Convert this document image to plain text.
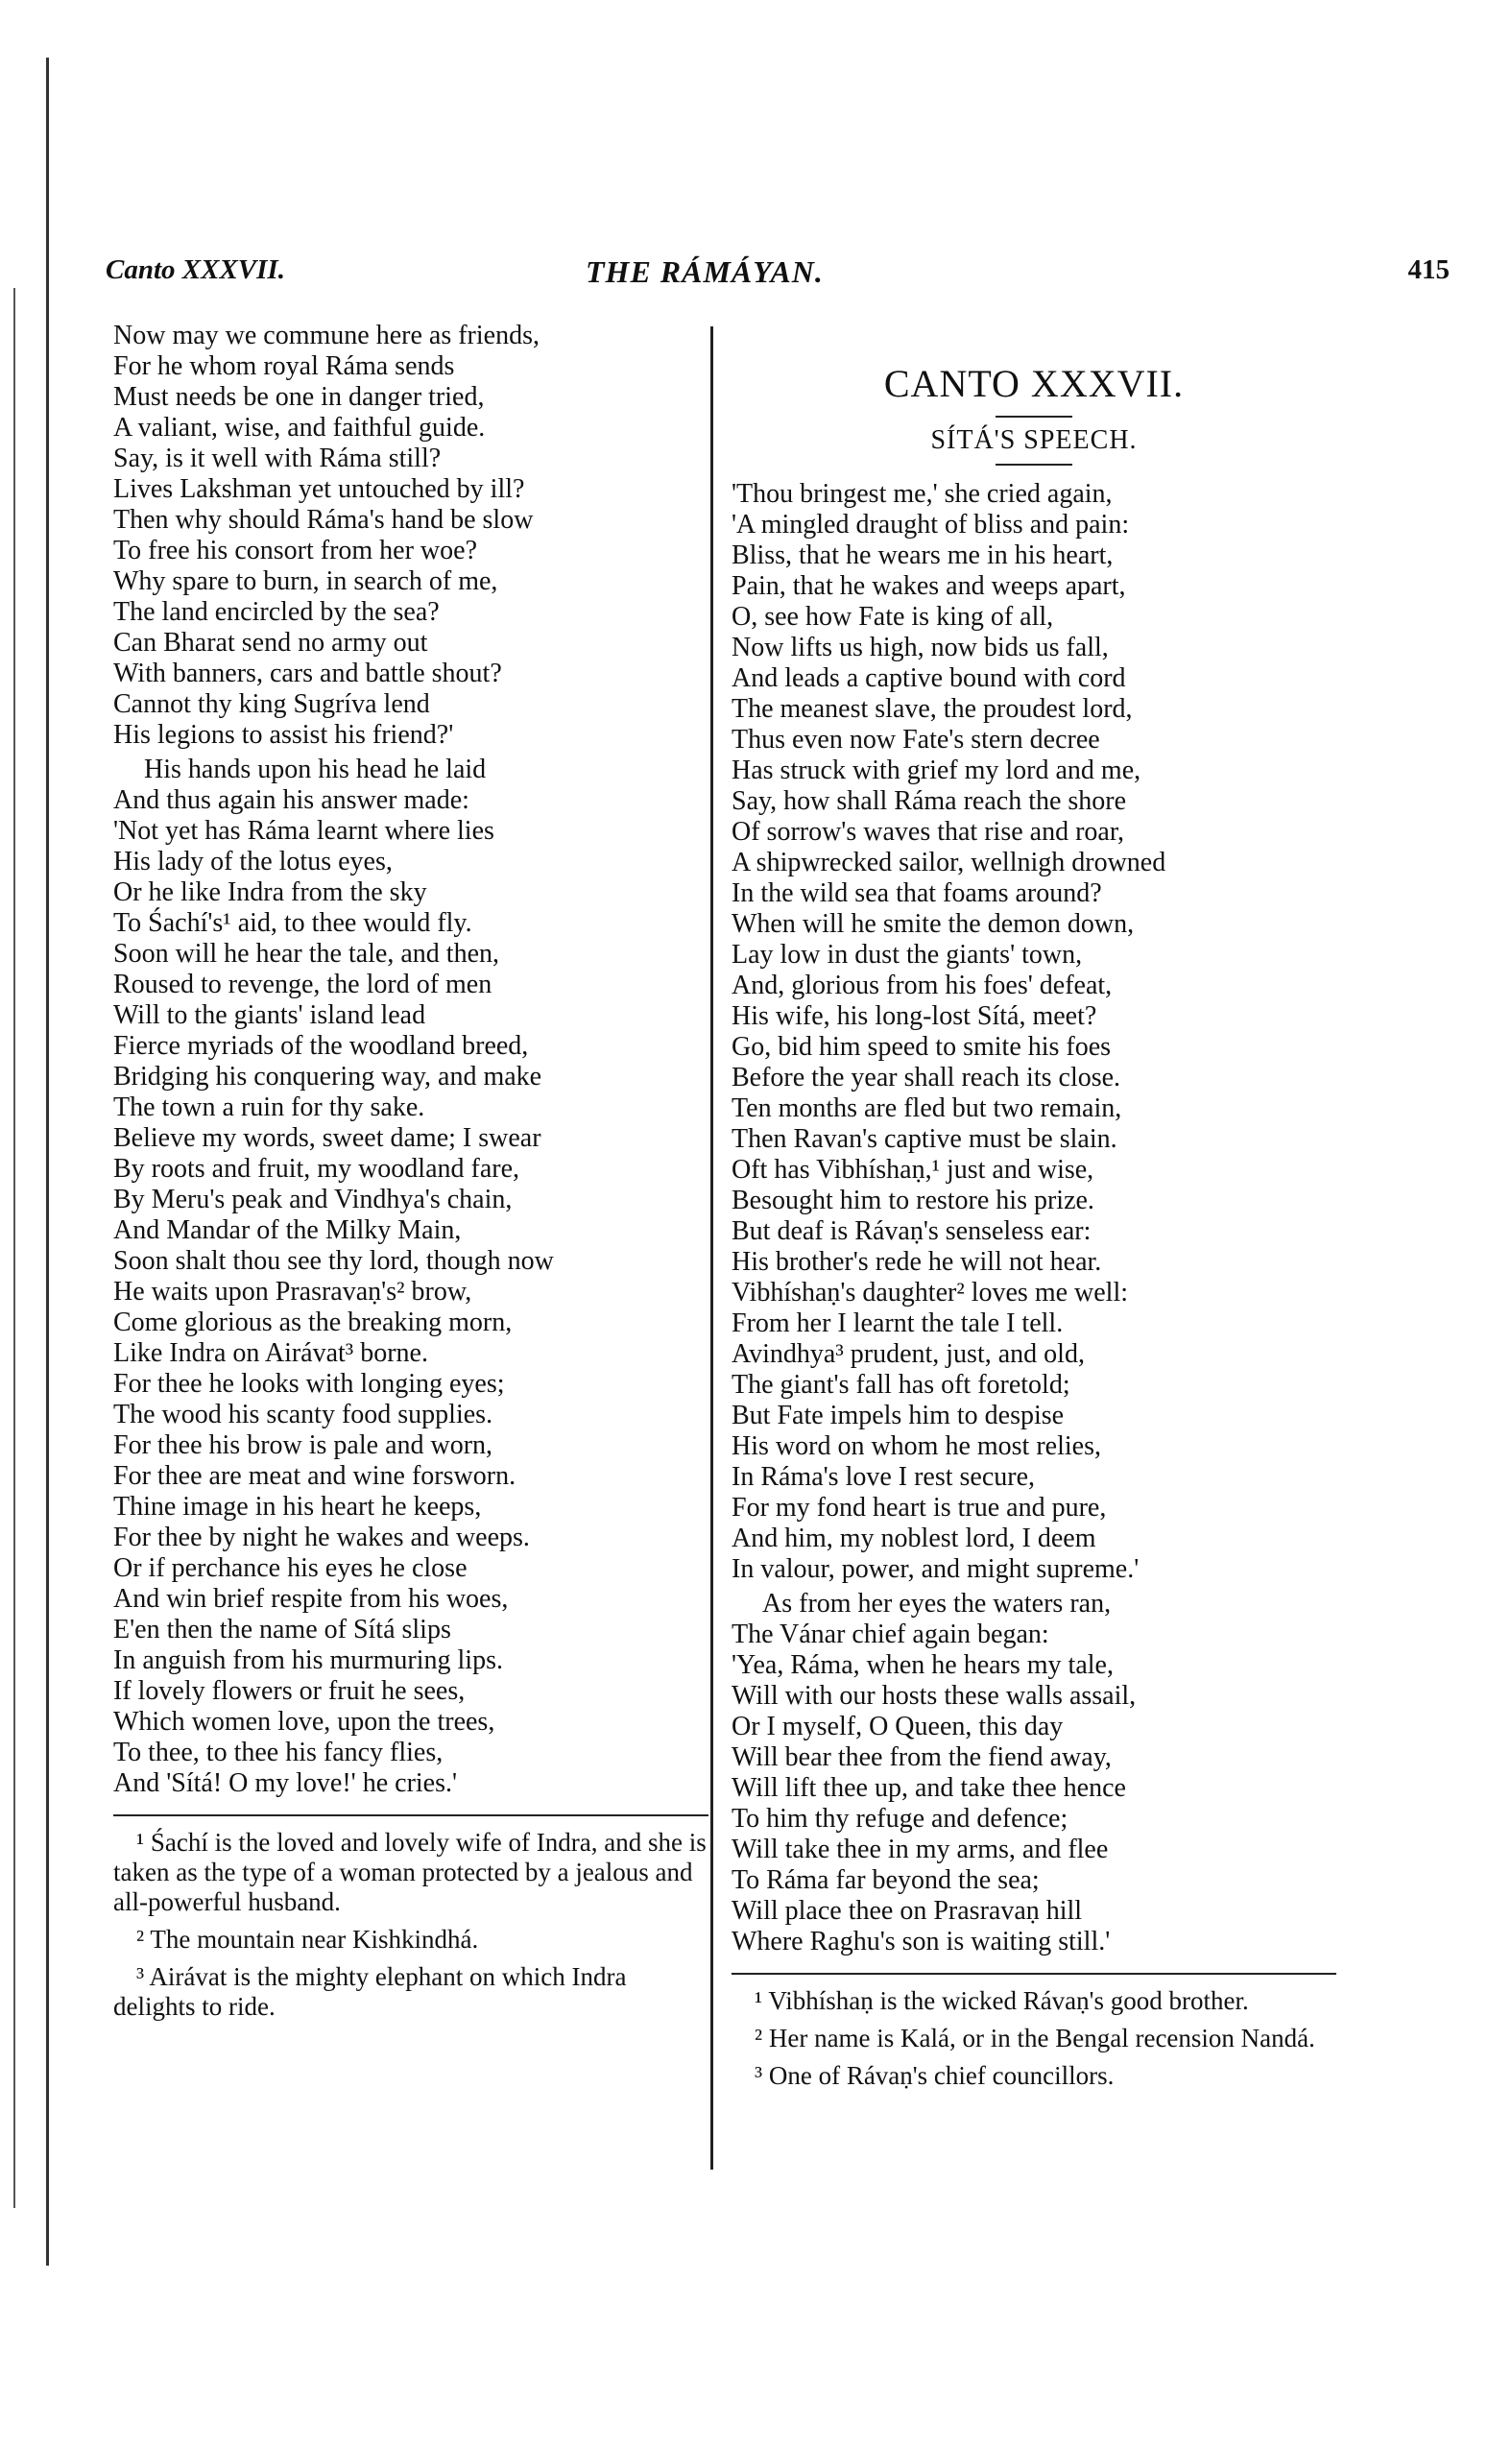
Canto XXXVII.	THE RÁMÁYAN.	415
Now may we commune here as friends,
For he whom royal Ráma sends
Must needs be one in danger tried,
A valiant, wise, and faithful guide.
Say, is it well with Ráma still?
Lives Lakshman yet untouched by ill?
Then why should Ráma's hand be slow
To free his consort from her woe?
Why spare to burn, in search of me,
The land encircled by the sea?
Can Bharat send no army out
With banners, cars and battle shout?
Cannot thy king Sugríva lend
His legions to assist his friend?'
His hands upon his head he laid
And thus again his answer made:
'Not yet has Ráma learnt where lies
His lady of the lotus eyes,
Or he like Indra from the sky
To Śachí's¹ aid, to thee would fly.
Soon will he hear the tale, and then,
Roused to revenge, the lord of men
Will to the giants' island lead
Fierce myriads of the woodland breed,
Bridging his conquering way, and make
The town a ruin for thy sake.
Believe my words, sweet dame; I swear
By roots and fruit, my woodland fare,
By Meru's peak and Vindhya's chain,
And Mandar of the Milky Main,
Soon shalt thou see thy lord, though now
He waits upon Prasravaṇ's² brow,
Come glorious as the breaking morn,
Like Indra on Airávat³ borne.
For thee he looks with longing eyes;
The wood his scanty food supplies.
For thee his brow is pale and worn,
For thee are meat and wine forsworn.
Thine image in his heart he keeps,
For thee by night he wakes and weeps.
Or if perchance his eyes he close
And win brief respite from his woes,
E'en then the name of Sítá slips
In anguish from his murmuring lips.
If lovely flowers or fruit he sees,
Which women love, upon the trees,
To thee, to thee his fancy flies,
And 'Sítá! O my love!' he cries.'
¹ Śachí is the loved and lovely wife of Indra, and she is taken as the type of a woman protected by a jealous and all-powerful husband.
² The mountain near Kishkindhá.
³ Airávat is the mighty elephant on which Indra delights to ride.
CANTO XXXVII.
SÍTÁ'S SPEECH.
'Thou bringest me,' she cried again,
'A mingled draught of bliss and pain:
Bliss, that he wears me in his heart,
Pain, that he wakes and weeps apart,
O, see how Fate is king of all,
Now lifts us high, now bids us fall,
And leads a captive bound with cord
The meanest slave, the proudest lord,
Thus even now Fate's stern decree
Has struck with grief my lord and me,
Say, how shall Ráma reach the shore
Of sorrow's waves that rise and roar,
A shipwrecked sailor, wellnigh drowned
In the wild sea that foams around?
When will he smite the demon down,
Lay low in dust the giants' town,
And, glorious from his foes' defeat,
His wife, his long-lost Sítá, meet?
Go, bid him speed to smite his foes
Before the year shall reach its close.
Ten months are fled but two remain,
Then Ravan's captive must be slain.
Oft has Vibhíshaṇ,¹ just and wise,
Besought him to restore his prize.
But deaf is Rávaṇ's senseless ear:
His brother's rede he will not hear.
Vibhíshaṇ's daughter² loves me well:
From her I learnt the tale I tell.
Avindhya³ prudent, just, and old,
The giant's fall has oft foretold;
But Fate impels him to despise
His word on whom he most relies,
In Ráma's love I rest secure,
For my fond heart is true and pure,
And him, my noblest lord, I deem
In valour, power, and might supreme.'
As from her eyes the waters ran,
The Vánar chief again began:
'Yea, Ráma, when he hears my tale,
Will with our hosts these walls assail,
Or I myself, O Queen, this day
Will bear thee from the fiend away,
Will lift thee up, and take thee hence
To him thy refuge and defence;
Will take thee in my arms, and flee
To Ráma far beyond the sea;
Will place thee on Prasravaṇ hill
Where Raghu's son is waiting still.'
¹ Vibhíshaṇ is the wicked Rávaṇ's good brother.
² Her name is Kalá, or in the Bengal recension Nandá.
³ One of Rávaṇ's chief councillors.
